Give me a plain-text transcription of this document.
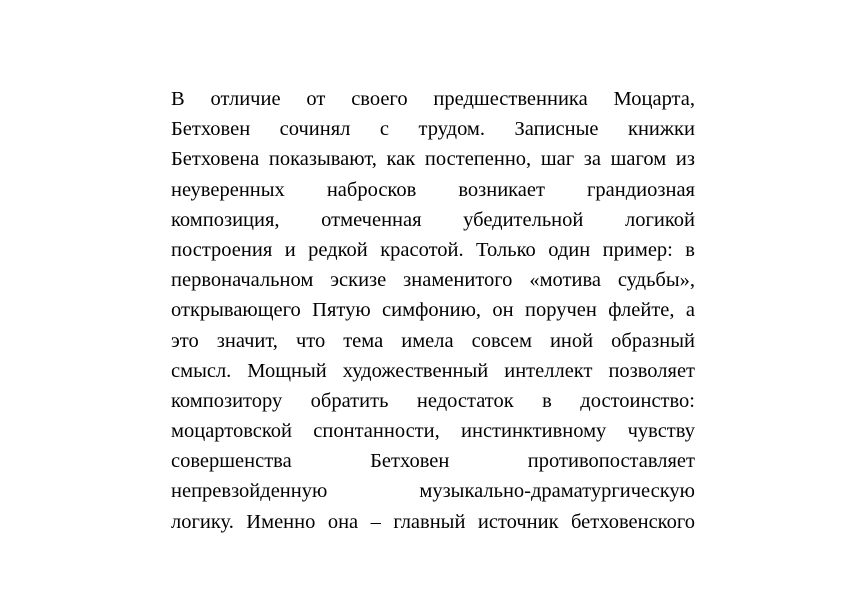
В отличие от своего предшественника Моцарта,
Бетховен сочинял с трудом. Записные книжки
Бетховена показывают, как постепенно, шаг за шагом из
неуверенных набросков возникает грандиозная
композиция, отмеченная убедительной логикой
построения и редкой красотой. Только один пример: в
первоначальном эскизе знаменитого «мотива судьбы»,
открывающего Пятую симфонию, он поручен флейте, а
это значит, что тема имела совсем иной образный
смысл. Мощный художественный интеллект позволяет
композитору обратить недостаток в достоинство:
моцартовской спонтанности, инстинктивному чувству
совершенства Бетховен противопоставляет
непревзойденную музыкально-драматургическую
логику. Именно она – главный источник бетховенского
